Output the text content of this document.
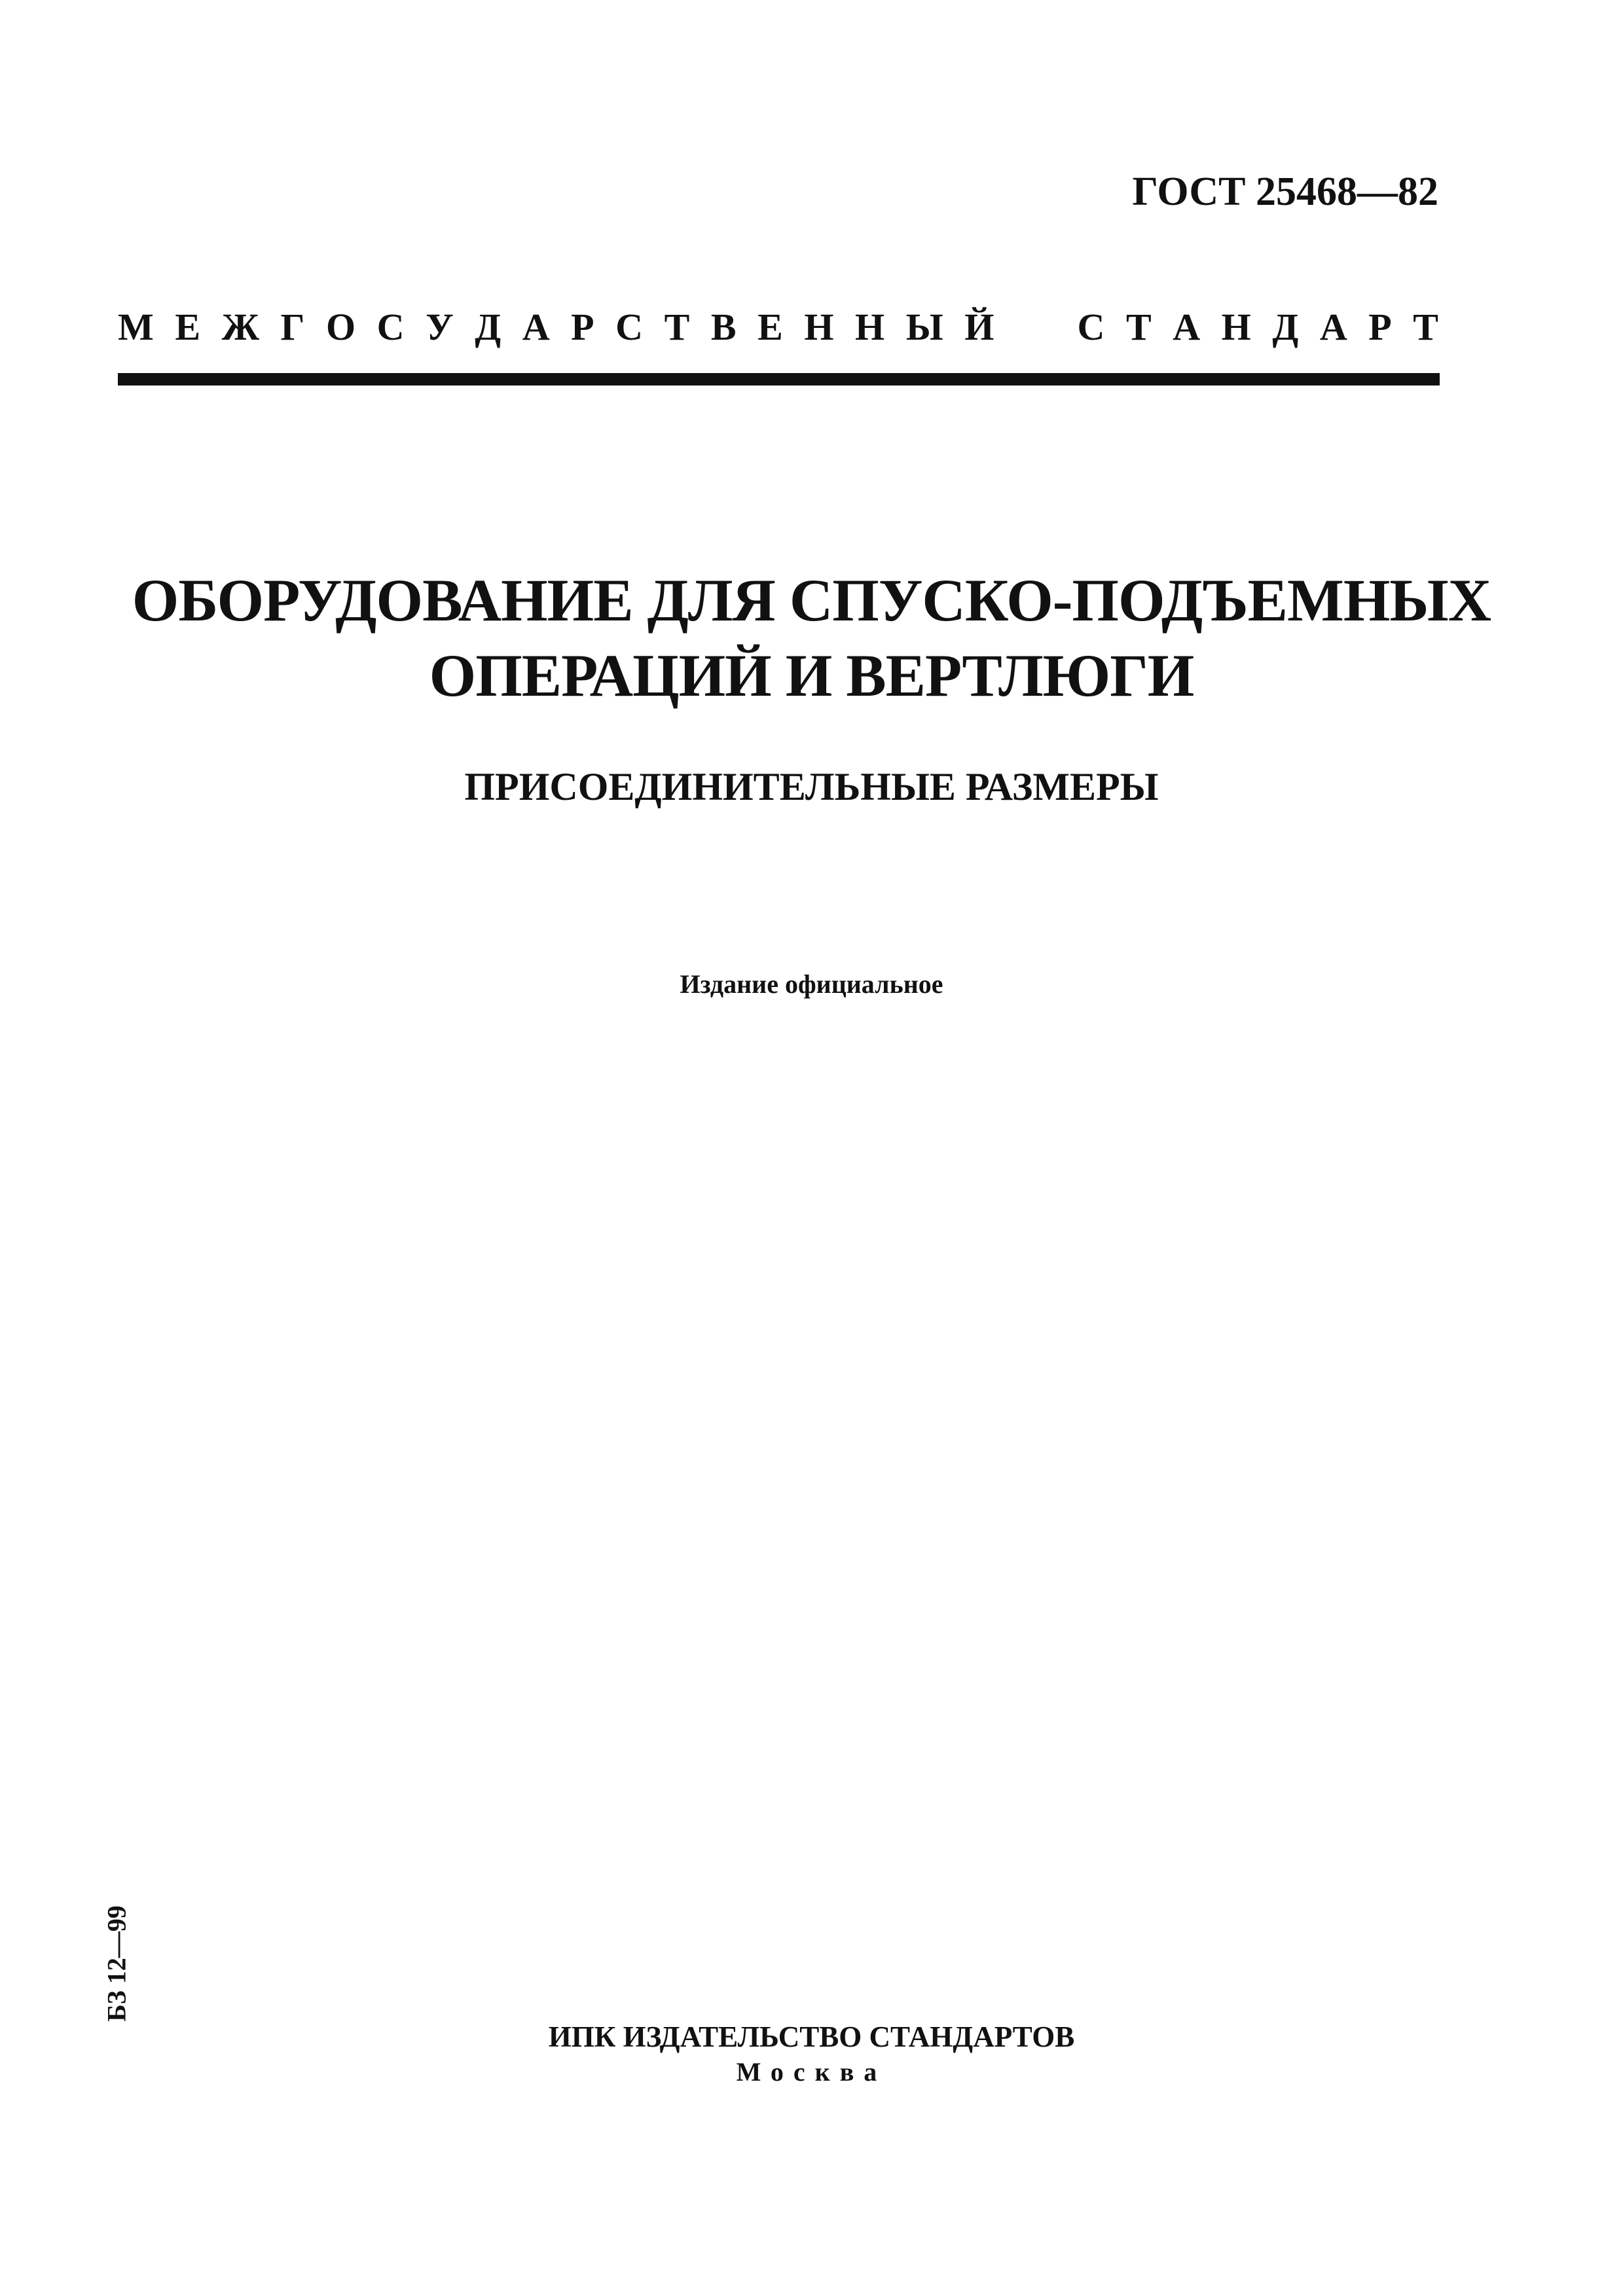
ГОСТ 25468—82
М Е Ж Г О С У Д А Р С Т В Е Н Н Ы Й С Т А Н Д А Р Т
ОБОРУДОВАНИЕ ДЛЯ СПУСКО-ПОДЪЕМНЫХ
ОПЕРАЦИЙ И ВЕРТЛЮГИ
ПРИСОЕДИНИТЕЛЬНЫЕ РАЗМЕРЫ
Издание официальное
БЗ 12—99
ИПК ИЗДАТЕЛЬСТВО СТАНДАРТОВ
Москва
